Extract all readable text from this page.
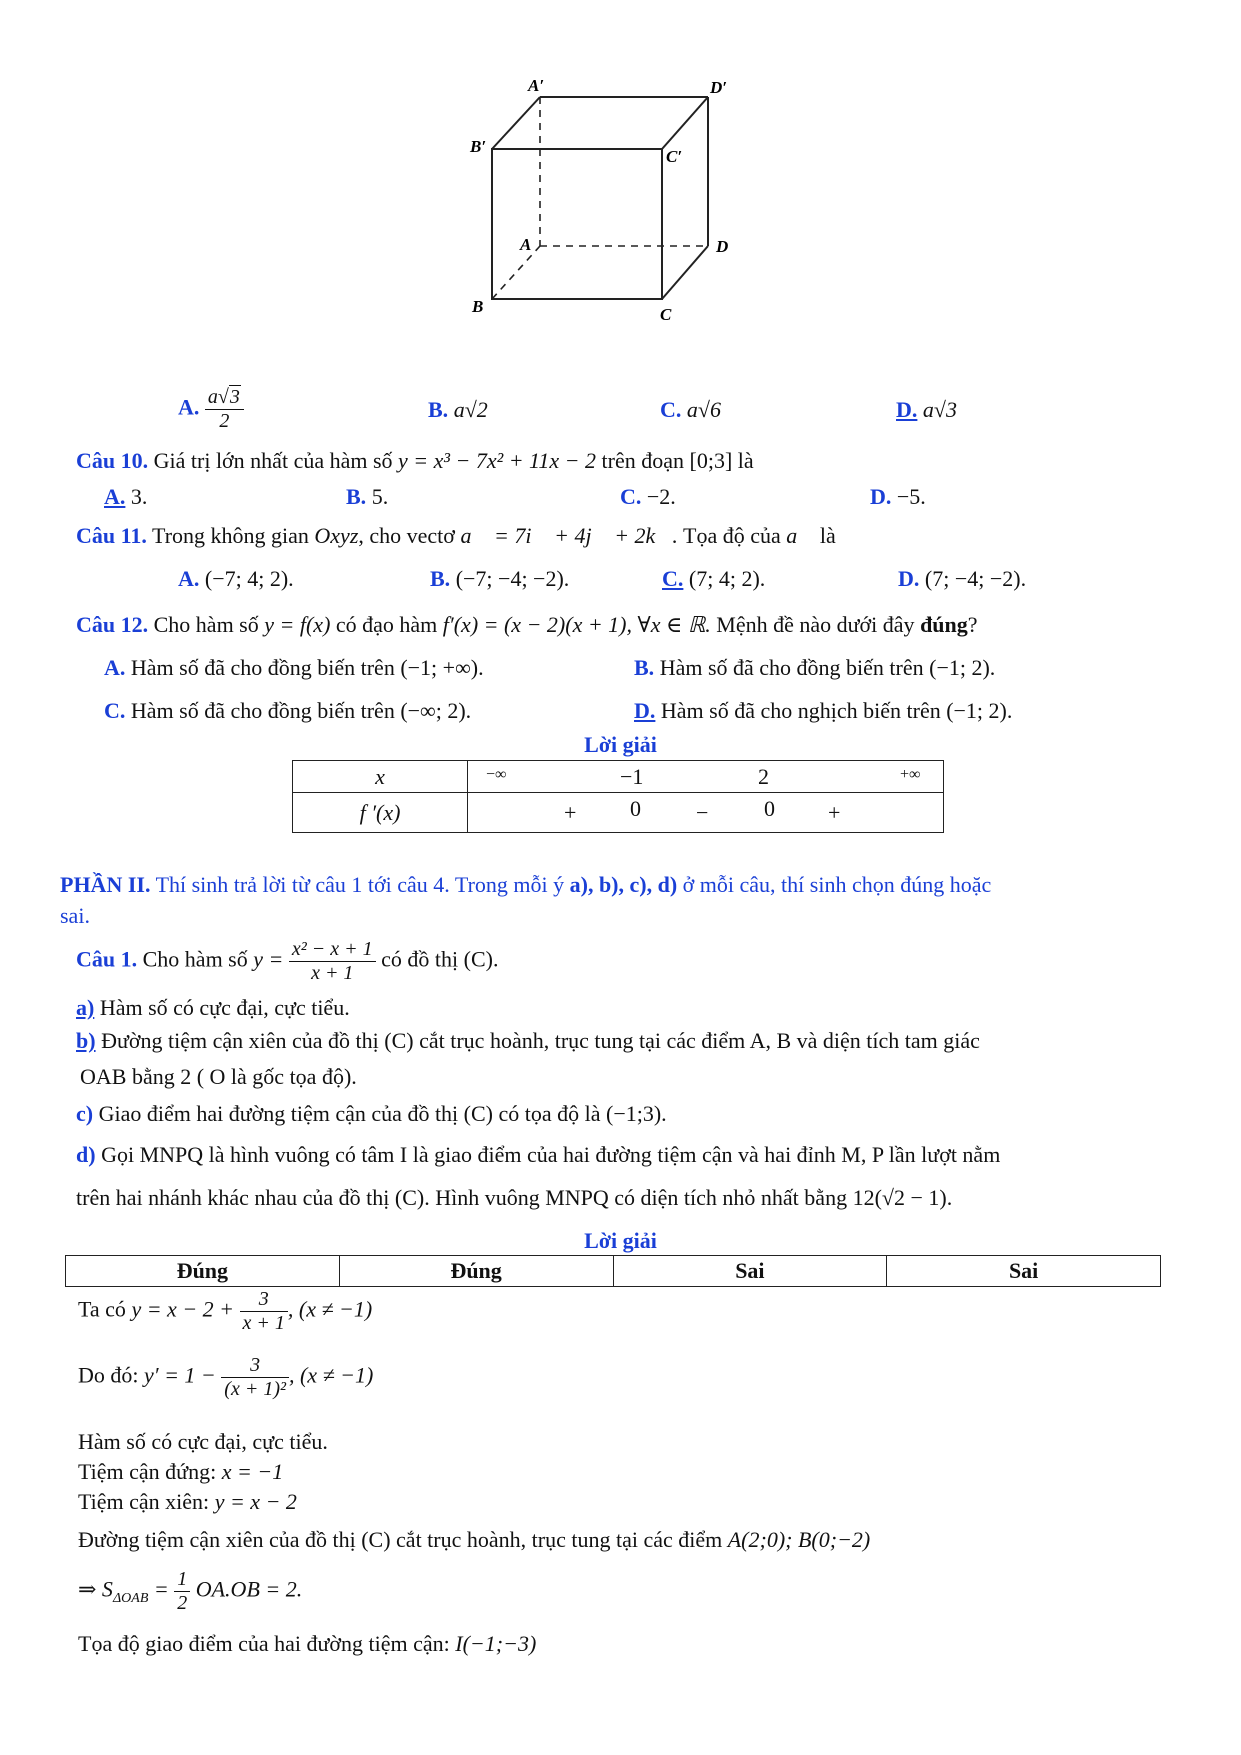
A′	D′
B′
C′
A	D
B	C
A. $\frac{a√3}{2}$	B. a√2	C. a√6	D. a√3
Câu 10. Giá trị lớn nhất của hàm số y = x³ − 7x² + 11x − 2 trên đoạn [0;3] là
A. 3.	B. 5.	C. −2.	D. −5.
Câu 11. Trong không gian Oxyz, cho vectơ a⃗ = 7i⃗ + 4j⃗ + 2k⃗. Tọa độ của a⃗ là
A. (−7; 4; 2).	B. (−7; −4; −2).	C. (7; 4; 2).	D. (7; −4; −2).
Câu 12. Cho hàm số y = f(x) có đạo hàm f′(x) = (x − 2)(x + 1), ∀x ∈ ℝ. Mệnh đề nào dưới đây đúng?
A. Hàm số đã cho đồng biến trên (−1; +∞).	B. Hàm số đã cho đồng biến trên (−1; 2).
C. Hàm số đã cho đồng biến trên (−∞; 2).	D. Hàm số đã cho nghịch biến trên (−1; 2).
Lời giải
x	−∞ −1 2 +∞

f ′(x)	+ 0 − 0 +
PHẦN II. Thí sinh trả lời từ câu 1 tới câu 4. Trong mỗi ý a), b), c), d) ở mỗi câu, thí sinh chọn đúng hoặc
sai.
Câu 1. Cho hàm số $y = \frac{\text{x² − x + 1}}{x + 1}$ có đồ thị (C).
a) Hàm số có cực đại, cực tiểu.
b) Đường tiệm cận xiên của đồ thị (C) cắt trục hoành, trục tung tại các điểm A, B và diện tích tam giác
OAB bằng 2 ( O là gốc tọa độ).
c) Giao điểm hai đường tiệm cận của đồ thị (C) có tọa độ là (−1;3).
d) Gọi MNPQ là hình vuông có tâm I là giao điểm của hai đường tiệm cận và hai đỉnh M, P lần lượt nằm
trên hai nhánh khác nhau của đồ thị (C). Hình vuông MNPQ có diện tích nhỏ nhất bằng 12(√2 − 1).
Lời giải
Đúng	Đúng	Sai	Sai
Ta có $y = x - 2 + \frac{3}{x + 1}$ , (x ≠ −1)
Do đó: $y' = 1 - \frac{3}{\text{(x + 1)²}}$ , (x ≠ −1)
Hàm số có cực đại, cực tiểu.
Tiệm cận đứng: x = −1
Tiệm cận xiên: y = x − 2
Đường tiệm cận xiên của đồ thị (C) cắt trục hoành, trục tung tại các điểm A(2;0); B(0;−2)
⇒ $S_{\Delta OAB} = \frac{1}{2} OA.OB = 2$.
Tọa độ giao điểm của hai đường tiệm cận: I(−1;−3)
